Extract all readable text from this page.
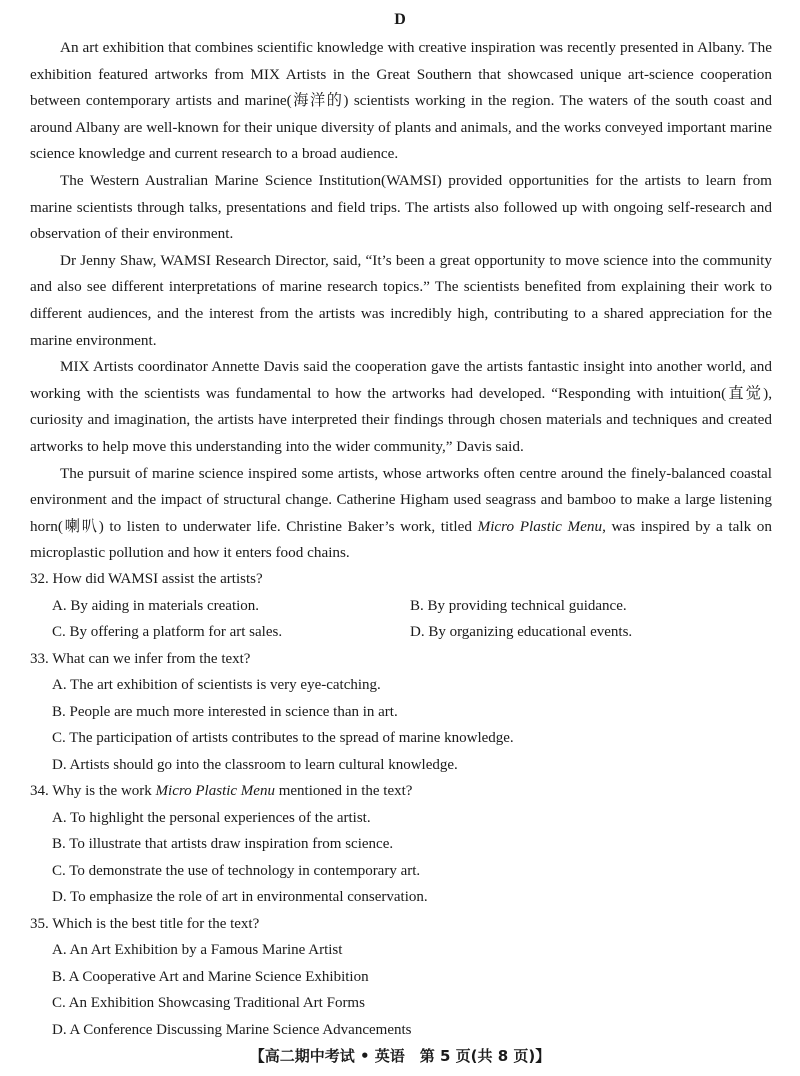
D

An art exhibition that combines scientific knowledge with creative inspiration was recently presented in Albany. The exhibition featured artworks from MIX Artists in the Great Southern that showcased unique art-science cooperation between contemporary artists and marine(海洋的) scientists working in the region. The waters of the south coast and around Albany are well-known for their unique diversity of plants and animals, and the works conveyed important marine science knowledge and current research to a broad audience.

The Western Australian Marine Science Institution(WAMSI) provided opportunities for the artists to learn from marine scientists through talks, presentations and field trips. The artists also followed up with ongoing self-research and observation of their environment.

Dr Jenny Shaw, WAMSI Research Director, said, “It’s been a great opportunity to move science into the community and also see different interpretations of marine research topics.” The scientists benefited from explaining their work to different audiences, and the interest from the artists was incredibly high, contributing to a shared appreciation for the marine environment.

MIX Artists coordinator Annette Davis said the cooperation gave the artists fantastic insight into another world, and working with the scientists was fundamental to how the artworks had developed. “Responding with intuition(直觉), curiosity and imagination, the artists have interpreted their findings through chosen materials and techniques and created artworks to help move this understanding into the wider community,” Davis said.

The pursuit of marine science inspired some artists, whose artworks often centre around the finely-balanced coastal environment and the impact of structural change. Catherine Higham used seagrass and bamboo to make a large listening horn(喇叭) to listen to underwater life. Christine Baker’s work, titled Micro Plastic Menu, was inspired by a talk on microplastic pollution and how it enters food chains.

32. How did WAMSI assist the artists?

A. By aiding in materials creation.	B. By providing technical guidance.

C. By offering a platform for art sales.	D. By organizing educational events.

33. What can we infer from the text?

A. The art exhibition of scientists is very eye-catching.

B. People are much more interested in science than in art.

C. The participation of artists contributes to the spread of marine knowledge.

D. Artists should go into the classroom to learn cultural knowledge.

34. Why is the work Micro Plastic Menu mentioned in the text?

A. To highlight the personal experiences of the artist.

B. To illustrate that artists draw inspiration from science.

C. To demonstrate the use of technology in contemporary art.

D. To emphasize the role of art in environmental conservation.

35. Which is the best title for the text?

A. An Art Exhibition by a Famous Marine Artist

B. A Cooperative Art and Marine Science Exhibition

C. An Exhibition Showcasing Traditional Art Forms

D. A Conference Discussing Marine Science Advancements

【高二期中考试 • 英语　第 5 页(共 8 页)】
